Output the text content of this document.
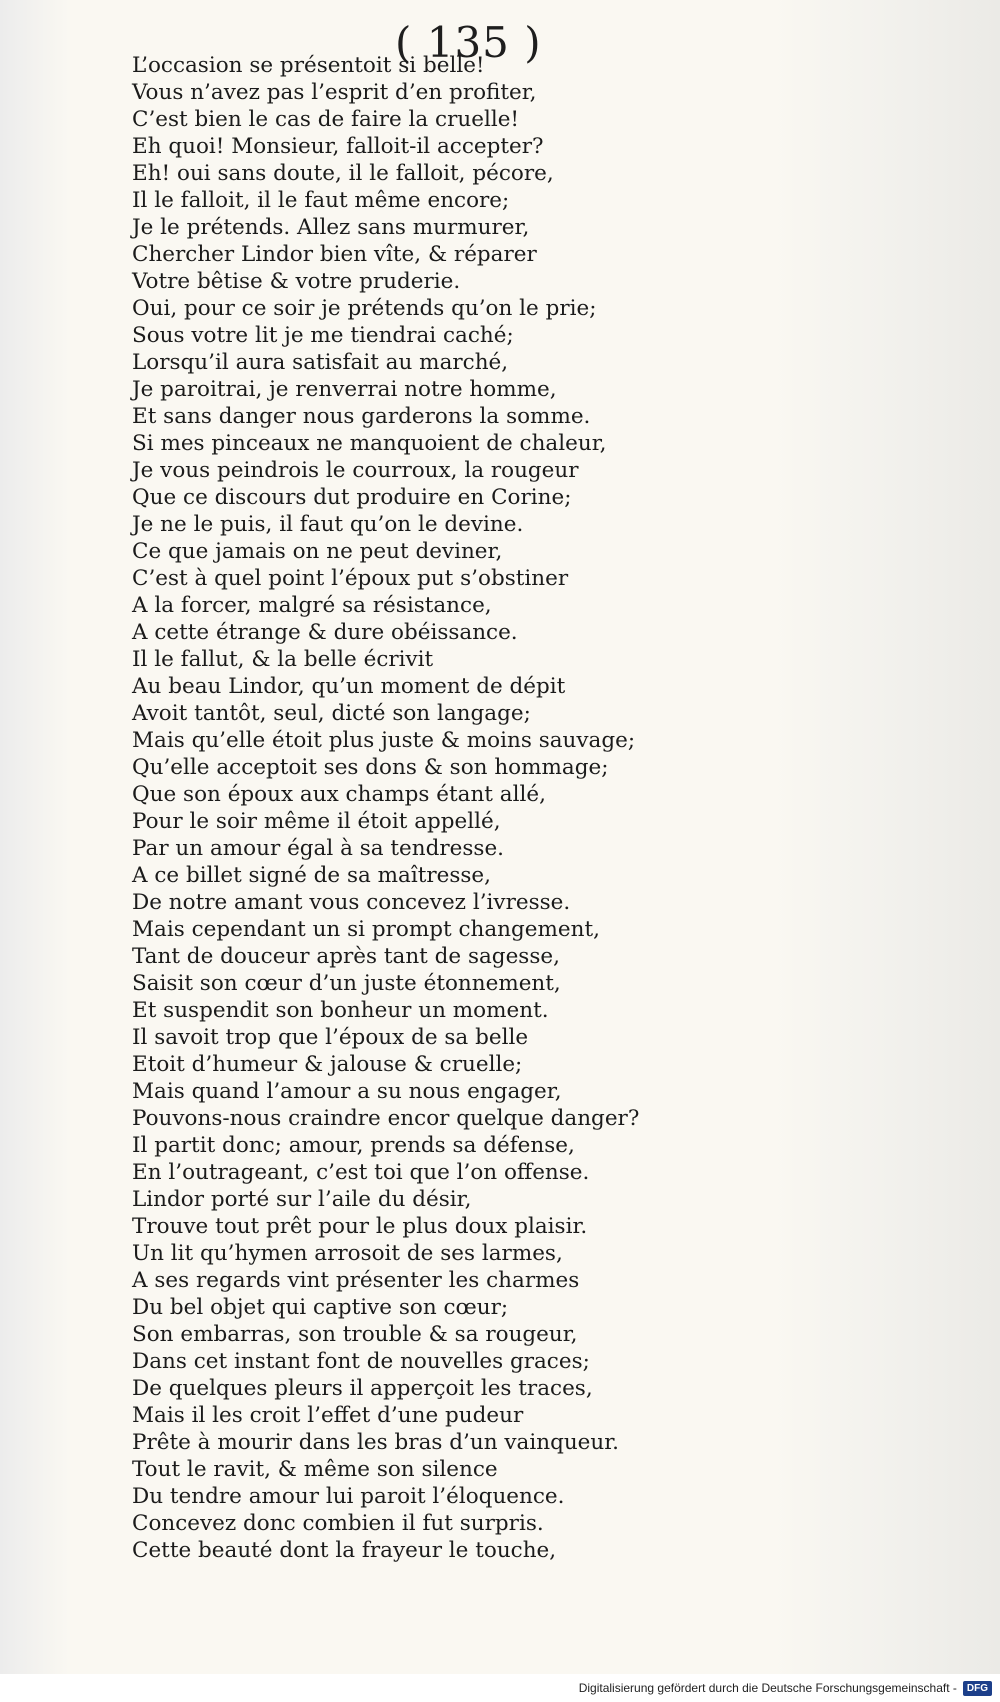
( 135 )
L’occasion se présentoit si belle!
Vous n’avez pas l’esprit d’en profiter,
C’est bien le cas de faire la cruelle!
Eh quoi! Monsieur, falloit-il accepter?
Eh! oui sans doute, il le falloit, pécore,
Il le falloit, il le faut même encore;
Je le prétends. Allez sans murmurer,
Chercher Lindor bien vîte, & réparer
Votre bêtise & votre pruderie.
Oui, pour ce soir je prétends qu’on le prie;
Sous votre lit je me tiendrai caché;
Lorsqu’il aura satisfait au marché,
Je paroitrai, je renverrai notre homme,
Et sans danger nous garderons la somme.
Si mes pinceaux ne manquoient de chaleur,
Je vous peindrois le courroux, la rougeur
Que ce discours dut produire en Corine;
Je ne le puis, il faut qu’on le devine.
Ce que jamais on ne peut deviner,
C’est à quel point l’époux put s’obstiner
A la forcer, malgré sa résistance,
A cette étrange & dure obéissance.
Il le fallut, & la belle écrivit
Au beau Lindor, qu’un moment de dépit
Avoit tantôt, seul, dicté son langage;
Mais qu’elle étoit plus juste & moins sauvage;
Qu’elle acceptoit ses dons & son hommage;
Que son époux aux champs étant allé,
Pour le soir même il étoit appellé,
Par un amour égal à sa tendresse.
A ce billet signé de sa maîtresse,
De notre amant vous concevez l’ivresse.
Mais cependant un si prompt changement,
Tant de douceur après tant de sagesse,
Saisit son cœur d’un juste étonnement,
Et suspendit son bonheur un moment.
Il savoit trop que l’époux de sa belle
Etoit d’humeur & jalouse & cruelle;
Mais quand l’amour a su nous engager,
Pouvons-nous craindre encor quelque danger?
Il partit donc; amour, prends sa défense,
En l’outrageant, c’est toi que l’on offense.
Lindor porté sur l’aile du désir,
Trouve tout prêt pour le plus doux plaisir.
Un lit qu’hymen arrosoit de ses larmes,
A ses regards vint présenter les charmes
Du bel objet qui captive son cœur;
Son embarras, son trouble & sa rougeur,
Dans cet instant font de nouvelles graces;
De quelques pleurs il apperçoit les traces,
Mais il les croit l’effet d’une pudeur
Prête à mourir dans les bras d’un vainqueur.
Tout le ravit, & même son silence
Du tendre amour lui paroit l’éloquence.
Concevez donc combien il fut surpris.
Cette beauté dont la frayeur le touche,
Digitalisierung gefördert durch die Deutsche Forschungsgemeinschaft -	DFG
